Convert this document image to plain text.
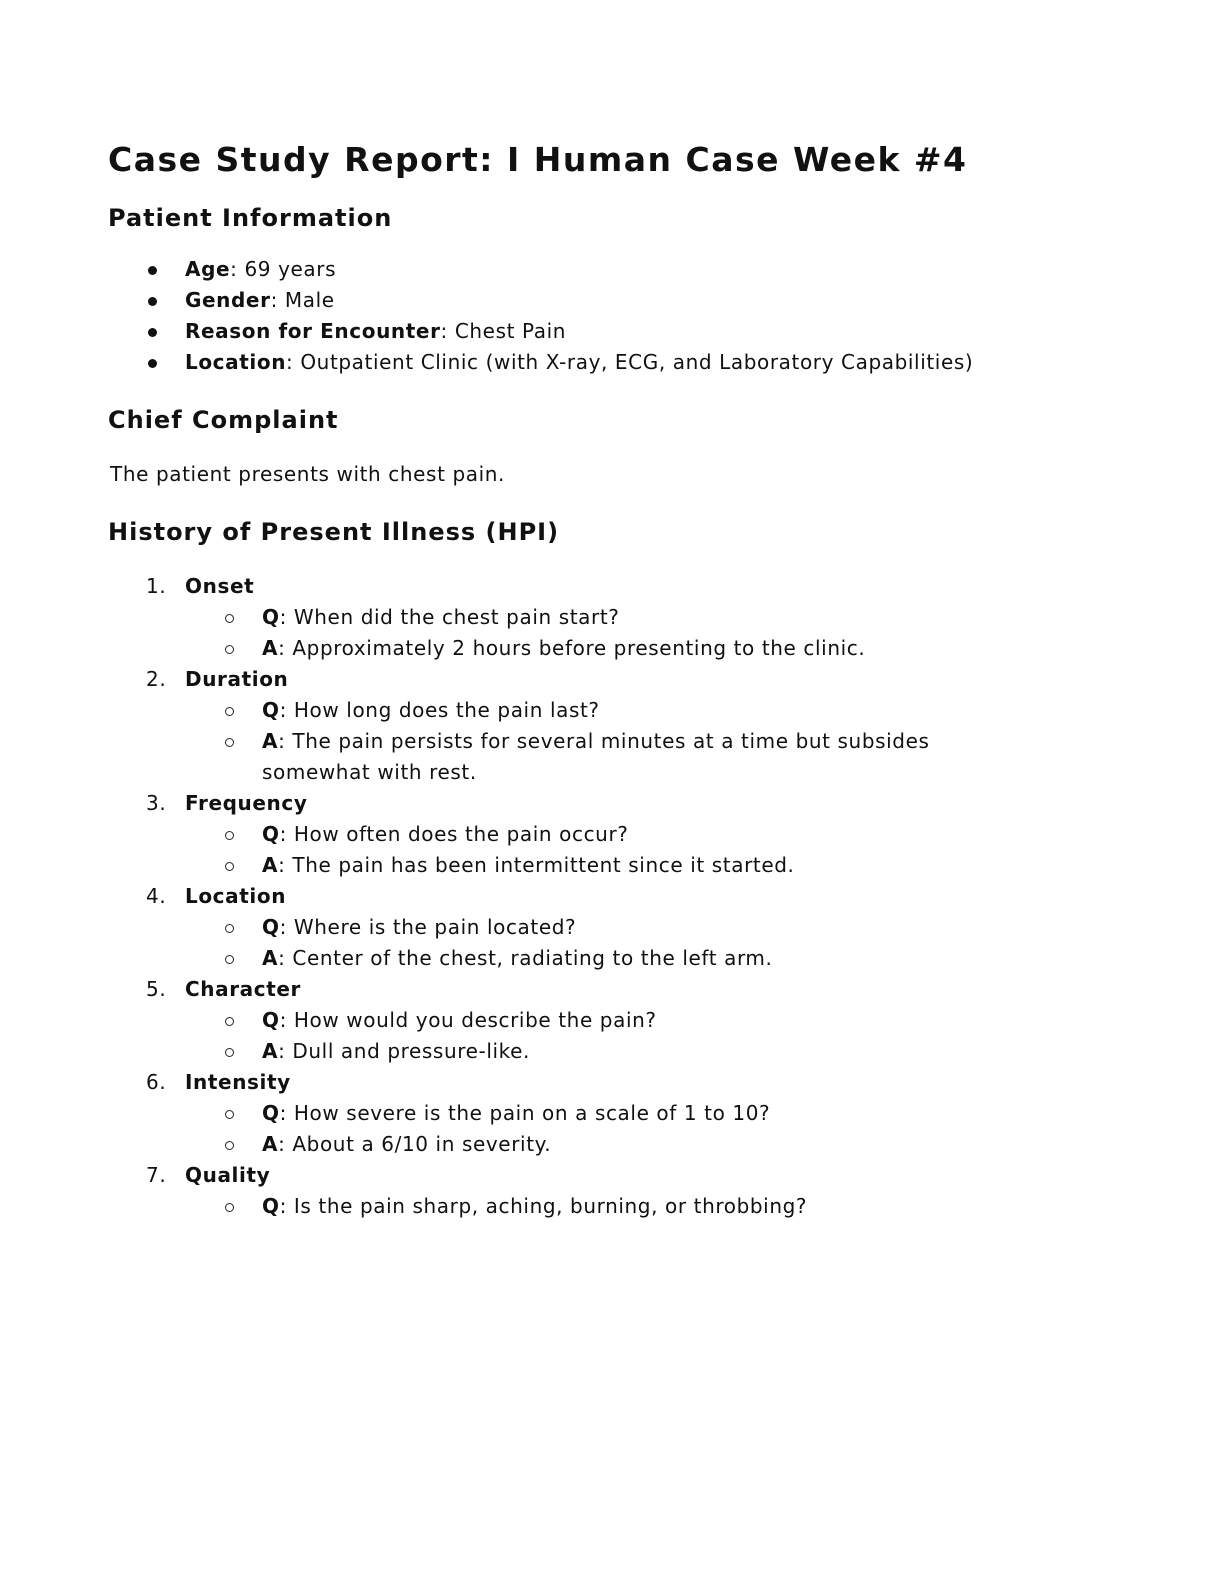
Case Study Report: I Human Case Week #4
Patient Information
Age: 69 years
Gender: Male
Reason for Encounter: Chest Pain
Location: Outpatient Clinic (with X-ray, ECG, and Laboratory Capabilities)
Chief Complaint

The patient presents with chest pain.

History of Present Illness (HPI)
1. Onset
Q: When did the chest pain start?
A: Approximately 2 hours before presenting to the clinic.
2. Duration
Q: How long does the pain last?
A: The pain persists for several minutes at a time but subsides somewhat with rest.
3. Frequency
Q: How often does the pain occur?
A: The pain has been intermittent since it started.
4. Location
Q: Where is the pain located?
A: Center of the chest, radiating to the left arm.
5. Character
Q: How would you describe the pain?
A: Dull and pressure-like.
6. Intensity
Q: How severe is the pain on a scale of 1 to 10?
A: About a 6/10 in severity.
7. Quality
Q: Is the pain sharp, aching, burning, or throbbing?
